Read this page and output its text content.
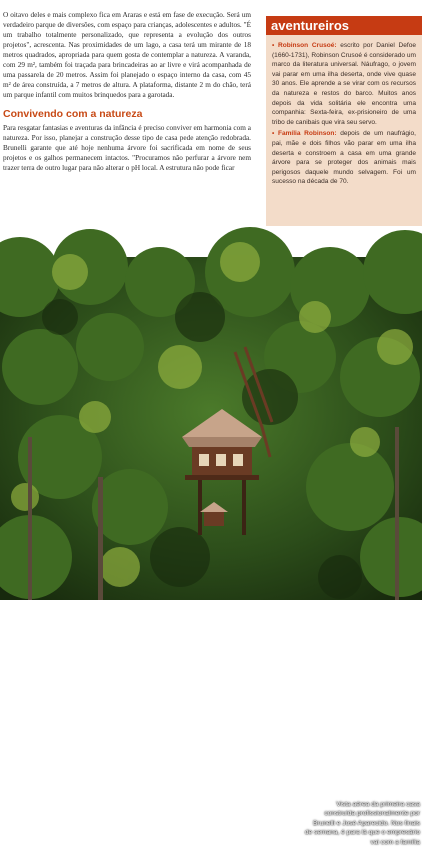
O oitavo deles e mais complexo fica em Araras e está em fase de execução. Será um verdadeiro parque de diversões, com espaço para crianças, adolescentes e adultos. "É um trabalho totalmente personalizado, que representa a evolução dos outros projetos", acrescenta. Nas proximidades de um lago, a casa terá um mirante de 18 metros quadrados, apropriada para quem gosta de contemplar a natureza. A varanda, com 29 m², também foi traçada para brincadeiras ao ar livre e virá acompanhada de uma passarela de 20 metros. Assim foi planejado o espaço interno da casa, com 45 m² de área construída, a 7 metros de altura. A plataforma, distante 2 m do chão, terá um parque infantil com muitos brinquedos para a garotada.

Convivendo com a natureza

Para resgatar fantasias e aventuras da infância é preciso conviver em harmonia com a natureza. Por isso, planejar a construção desse tipo de casa pede atenção redobrada. Brunelli garante que até hoje nenhuma árvore foi sacrificada em nome de seus projetos e os galhos permanecem intactos. "Procuramos não perfurar a árvore nem trazer terra de outro lugar para não alterar o pH local. A estrutura não pode ficar

aventureiros

• Robinson Crusoé: escrito por Daniel Defoe (1660-1731), Robinson Crusoé é considerado um marco da literatura universal. Náufrago, o jovem vai parar em uma ilha deserta, onde vive quase 30 anos. Ele aprende a se virar com os recursos da natureza e restos do barco. Muitos anos depois da vida solitária ele encontra uma companhia: Sexta-feira, ex-prisioneiro de uma tribo de canibais que vira seu servo.

• Família Robinson: depois de um naufrágio, pai, mãe e dois filhos vão parar em uma ilha deserta e constroem a casa em uma grande árvore para se proteger dos animais mais perigosos daquele mundo selvagem. Foi um sucesso na década de 70.

Vista aérea da primeira casa construída profissionalmente por Brunelli e José Aparecido. Nos finais de semana, é para lá que o empresário vai com a família
